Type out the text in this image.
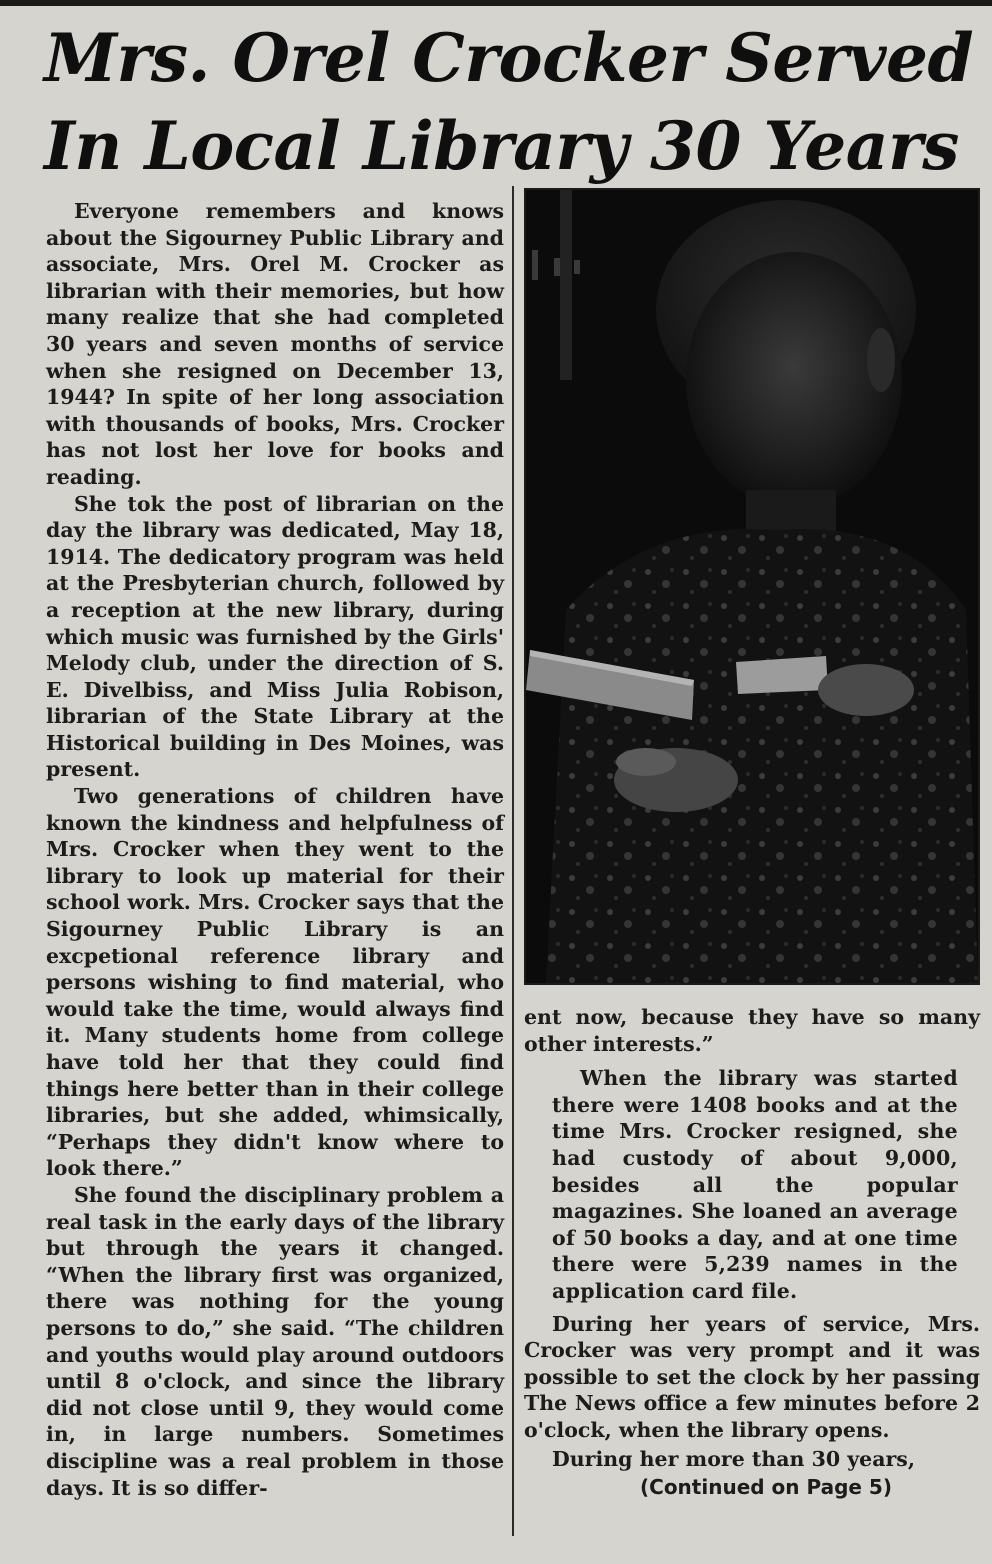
Mrs. Orel Crocker Served
In Local Library 30 Years

Everyone remembers and knows about the Sigourney Public Library and associate, Mrs. Orel M. Crocker as librarian with their memories, but how many realize that she had completed 30 years and seven months of service when she resigned on December 13, 1944? In spite of her long association with thousands of books, Mrs. Crocker has not lost her love for books and reading.

She tok the post of librarian on the day the library was dedicated, May 18, 1914. The dedicatory program was held at the Presbyterian church, followed by a reception at the new library, during which music was furnished by the Girls' Melody club, under the direction of S. E. Divelbiss, and Miss Julia Robison, librarian of the State Library at the Historical building in Des Moines, was present.

Two generations of children have known the kindness and helpfulness of Mrs. Crocker when they went to the library to look up material for their school work. Mrs. Crocker says that the Sigourney Public Library is an excpetional reference library and persons wishing to find material, who would take the time, would always find it. Many students home from college have told her that they could find things here better than in their college libraries, but she added, whimsically, “Perhaps they didn't know where to look there.”

She found the disciplinary problem a real task in the early days of the library but through the years it changed. “When the library first was organized, there was nothing for the young persons to do,” she said. “The children and youths would play around outdoors until 8 o'clock, and since the library did not close until 9, they would come in, in large numbers. Sometimes discipline was a real problem in those days. It is so differ-

ent now, because they have so many other interests.”

When the library was started there were 1408 books and at the time Mrs. Crocker resigned, she had custody of about 9,000, besides all the popular magazines. She loaned an average of 50 books a day, and at one time there were 5,239 names in the application card file.

During her years of service, Mrs. Crocker was very prompt and it was possible to set the clock by her passing The News office a few minutes before 2 o'clock, when the library opens.

During her more than 30 years,

(Continued on Page 5)
